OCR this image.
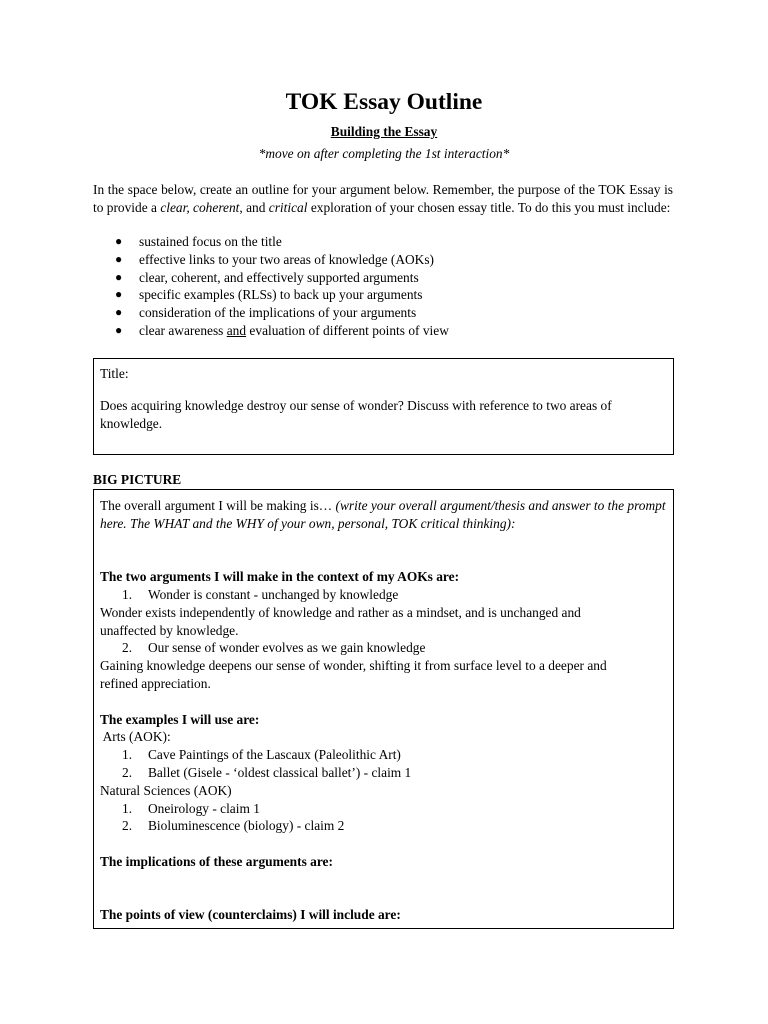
TOK Essay Outline
Building the Essay
*move on after completing the 1st interaction*

In the space below, create an outline for your argument below. Remember, the purpose of the TOK Essay is to provide a clear, coherent, and critical exploration of your chosen essay title. To do this you must include:

● sustained focus on the title
● effective links to your two areas of knowledge (AOKs)
● clear, coherent, and effectively supported arguments
● specific examples (RLSs) to back up your arguments
● consideration of the implications of your arguments
● clear awareness and evaluation of different points of view
Title:
Does acquiring knowledge destroy our sense of wonder? Discuss with reference to two areas of knowledge.
BIG PICTURE
The overall argument I will be making is… (write your overall argument/thesis and answer to the prompt here. The WHAT and the WHY of your own, personal, TOK critical thinking):
The two arguments I will make in the context of my AOKs are:
1. Wonder is constant - unchanged by knowledge
Wonder exists independently of knowledge and rather as a mindset, and is unchanged and
unaffected by knowledge.
2. Our sense of wonder evolves as we gain knowledge
Gaining knowledge deepens our sense of wonder, shifting it from surface level to a deeper and
refined appreciation.
The examples I will use are:
Arts (AOK):
1. Cave Paintings of the Lascaux (Paleolithic Art)
2. Ballet (Gisele - ‘oldest classical ballet’) - claim 1
Natural Sciences (AOK)
1. Oneirology - claim 1
2. Bioluminescence (biology) - claim 2
The implications of these arguments are:
The points of view (counterclaims) I will include are:
